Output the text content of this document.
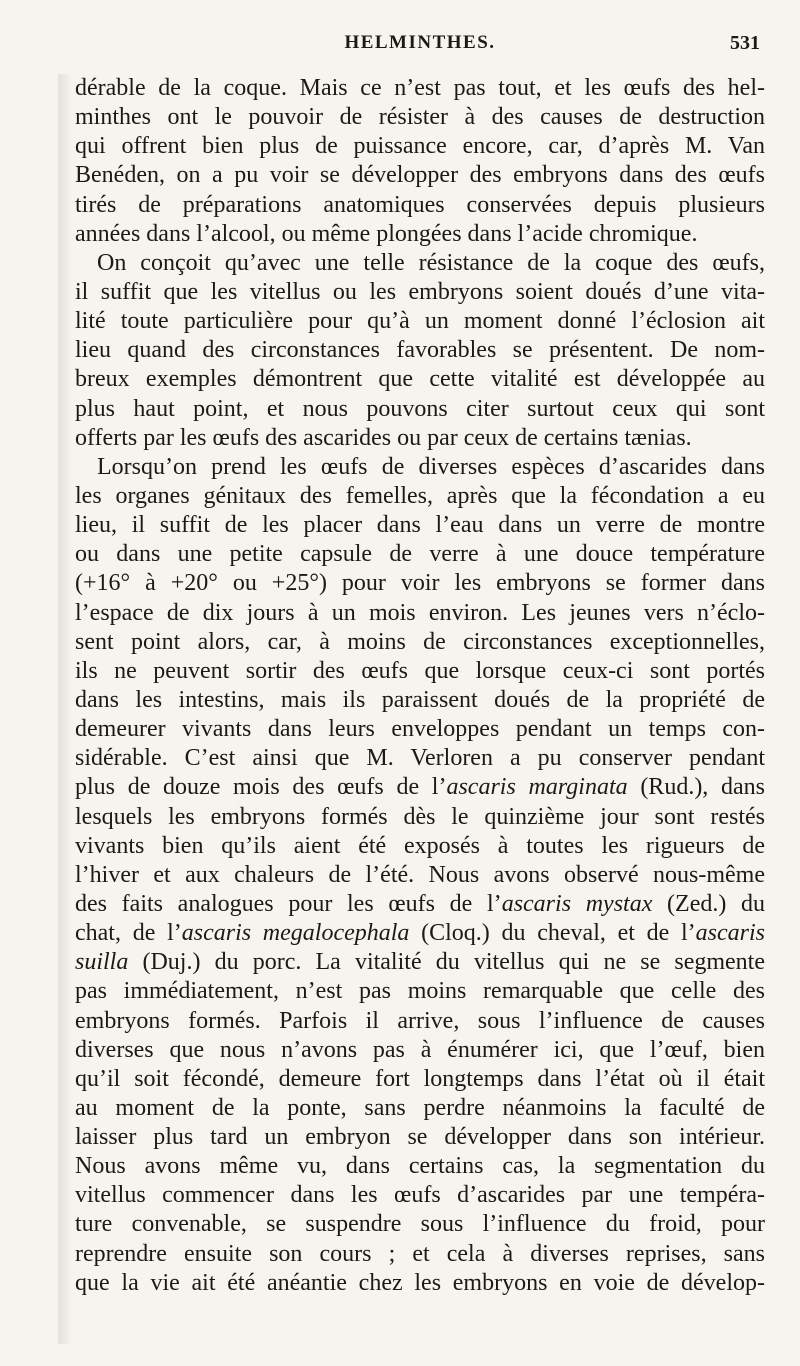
HELMINTHES.	531
dérable de la coque. Mais ce n’est pas tout, et les œufs des hel-
minthes ont le pouvoir de résister à des causes de destruction
qui offrent bien plus de puissance encore, car, d’après M. Van
Benéden, on a pu voir se développer des embryons dans des œufs
tirés de préparations anatomiques conservées depuis plusieurs
années dans l’alcool, ou même plongées dans l’acide chromique.
On conçoit qu’avec une telle résistance de la coque des œufs,
il suffit que les vitellus ou les embryons soient doués d’une vita-
lité toute particulière pour qu’à un moment donné l’éclosion ait
lieu quand des circonstances favorables se présentent. De nom-
breux exemples démontrent que cette vitalité est développée au
plus haut point, et nous pouvons citer surtout ceux qui sont
offerts par les œufs des ascarides ou par ceux de certains tænias.
Lorsqu’on prend les œufs de diverses espèces d’ascarides dans
les organes génitaux des femelles, après que la fécondation a eu
lieu, il suffit de les placer dans l’eau dans un verre de montre
ou dans une petite capsule de verre à une douce température
(+16° à +20° ou +25°) pour voir les embryons se former dans
l’espace de dix jours à un mois environ. Les jeunes vers n’éclo-
sent point alors, car, à moins de circonstances exceptionnelles,
ils ne peuvent sortir des œufs que lorsque ceux-ci sont portés
dans les intestins, mais ils paraissent doués de la propriété de
demeurer vivants dans leurs enveloppes pendant un temps con-
sidérable. C’est ainsi que M. Verloren a pu conserver pendant
plus de douze mois des œufs de l’ascaris marginata (Rud.), dans
lesquels les embryons formés dès le quinzième jour sont restés
vivants bien qu’ils aient été exposés à toutes les rigueurs de
l’hiver et aux chaleurs de l’été. Nous avons observé nous-même
des faits analogues pour les œufs de l’ascaris mystax (Zed.) du
chat, de l’ascaris megalocephala (Cloq.) du cheval, et de l’ascaris
suilla (Duj.) du porc. La vitalité du vitellus qui ne se segmente
pas immédiatement, n’est pas moins remarquable que celle des
embryons formés. Parfois il arrive, sous l’influence de causes
diverses que nous n’avons pas à énumérer ici, que l’œuf, bien
qu’il soit fécondé, demeure fort longtemps dans l’état où il était
au moment de la ponte, sans perdre néanmoins la faculté de
laisser plus tard un embryon se développer dans son intérieur.
Nous avons même vu, dans certains cas, la segmentation du
vitellus commencer dans les œufs d’ascarides par une tempéra-
ture convenable, se suspendre sous l’influence du froid, pour
reprendre ensuite son cours ; et cela à diverses reprises, sans
que la vie ait été anéantie chez les embryons en voie de dévelop-
